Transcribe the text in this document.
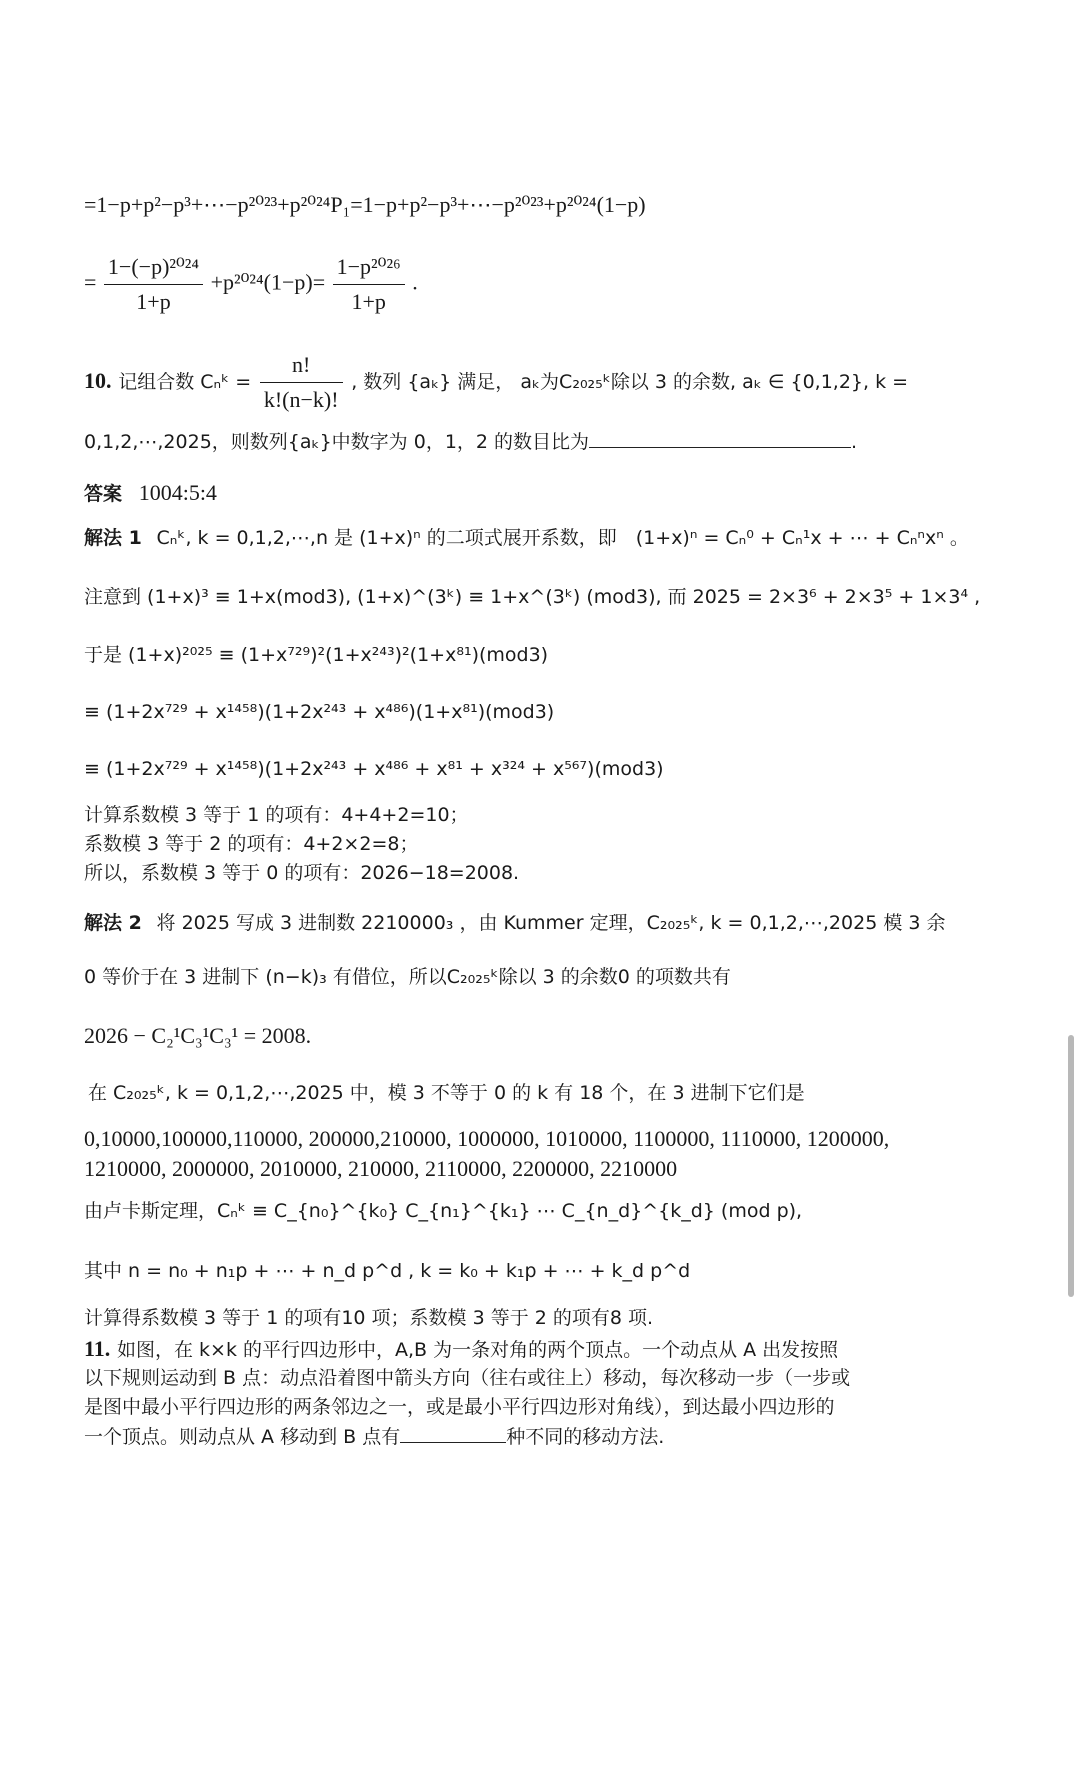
=1−p+p²−p³+⋯−p²⁰²³+p²⁰²⁴P₁=1−p+p²−p³+⋯−p²⁰²³+p²⁰²⁴(1−p)
= $\frac{\text{1−(−p)²⁰²⁴}}{1+p} +p^{2024}(1-p)= \frac{\text{1−p²⁰²⁶}}{1+p}$ .
10. 记组合数 Cₙᵏ = $\frac{n!}{k!(n-k)!}$ , 数列 {aₖ} 满足， aₖ为C₂₀₂₅ᵏ除以 3 的余数, aₖ ∈ {0,1,2}, k =
0,1,2,⋯,2025，则数列{aₖ}中数字为 0，1，2 的数目比为	.
答案 1004:5:4
解法 1 Cₙᵏ, k = 0,1,2,⋯,n 是 (1+x)ⁿ 的二项式展开系数，即　(1+x)ⁿ = Cₙ⁰ + Cₙ¹x + ⋯ + Cₙⁿxⁿ 。
注意到 (1+x)³ ≡ 1+x(mod3), (1+x)^(3ᵏ) ≡ 1+x^(3ᵏ) (mod3), 而 2025 = 2×3⁶ + 2×3⁵ + 1×3⁴ ,
于是 (1+x)²⁰²⁵ ≡ (1+x⁷²⁹)²(1+x²⁴³)²(1+x⁸¹)(mod3)
≡ (1+2x⁷²⁹ + x¹⁴⁵⁸)(1+2x²⁴³ + x⁴⁸⁶)(1+x⁸¹)(mod3)
≡ (1+2x⁷²⁹ + x¹⁴⁵⁸)(1+2x²⁴³ + x⁴⁸⁶ + x⁸¹ + x³²⁴ + x⁵⁶⁷)(mod3)
计算系数模 3 等于 1 的项有：4+4+2=10；
系数模 3 等于 2 的项有：4+2×2=8；
所以，系数模 3 等于 0 的项有：2026−18=2008.
解法 2 将 2025 写成 3 进制数 2210000₃ ，由 Kummer 定理，C₂₀₂₅ᵏ, k = 0,1,2,⋯,2025 模 3 余
0 等价于在 3 进制下 (n−k)₃ 有借位，所以C₂₀₂₅ᵏ除以 3 的余数0 的项数共有
2026 − C₂¹C₃¹C₃¹ = 2008.
在 C₂₀₂₅ᵏ, k = 0,1,2,⋯,2025 中，模 3 不等于 0 的 k 有 18 个，在 3 进制下它们是
0,10000,100000,110000, 200000,210000, 1000000, 1010000, 1100000, 1110000, 1200000,
1210000, 2000000, 2010000, 210000, 2110000, 2200000, 2210000
由卢卡斯定理，Cₙᵏ ≡ C_{n₀}^{k₀} C_{n₁}^{k₁} ⋯ C_{n_d}^{k_d} (mod p),
其中 n = n₀ + n₁p + ⋯ + n_d p^d , k = k₀ + k₁p + ⋯ + k_d p^d
计算得系数模 3 等于 1 的项有10 项；系数模 3 等于 2 的项有8 项.
11. 如图，在 k×k 的平行四边形中，A,B 为一条对角的两个顶点。一个动点从 A 出发按照
以下规则运动到 B 点：动点沿着图中箭头方向（往右或往上）移动，每次移动一步（一步或
是图中最小平行四边形的两条邻边之一，或是最小平行四边形对角线），到达最小四边形的
一个顶点。则动点从 A 移动到 B 点有	种不同的移动方法.
